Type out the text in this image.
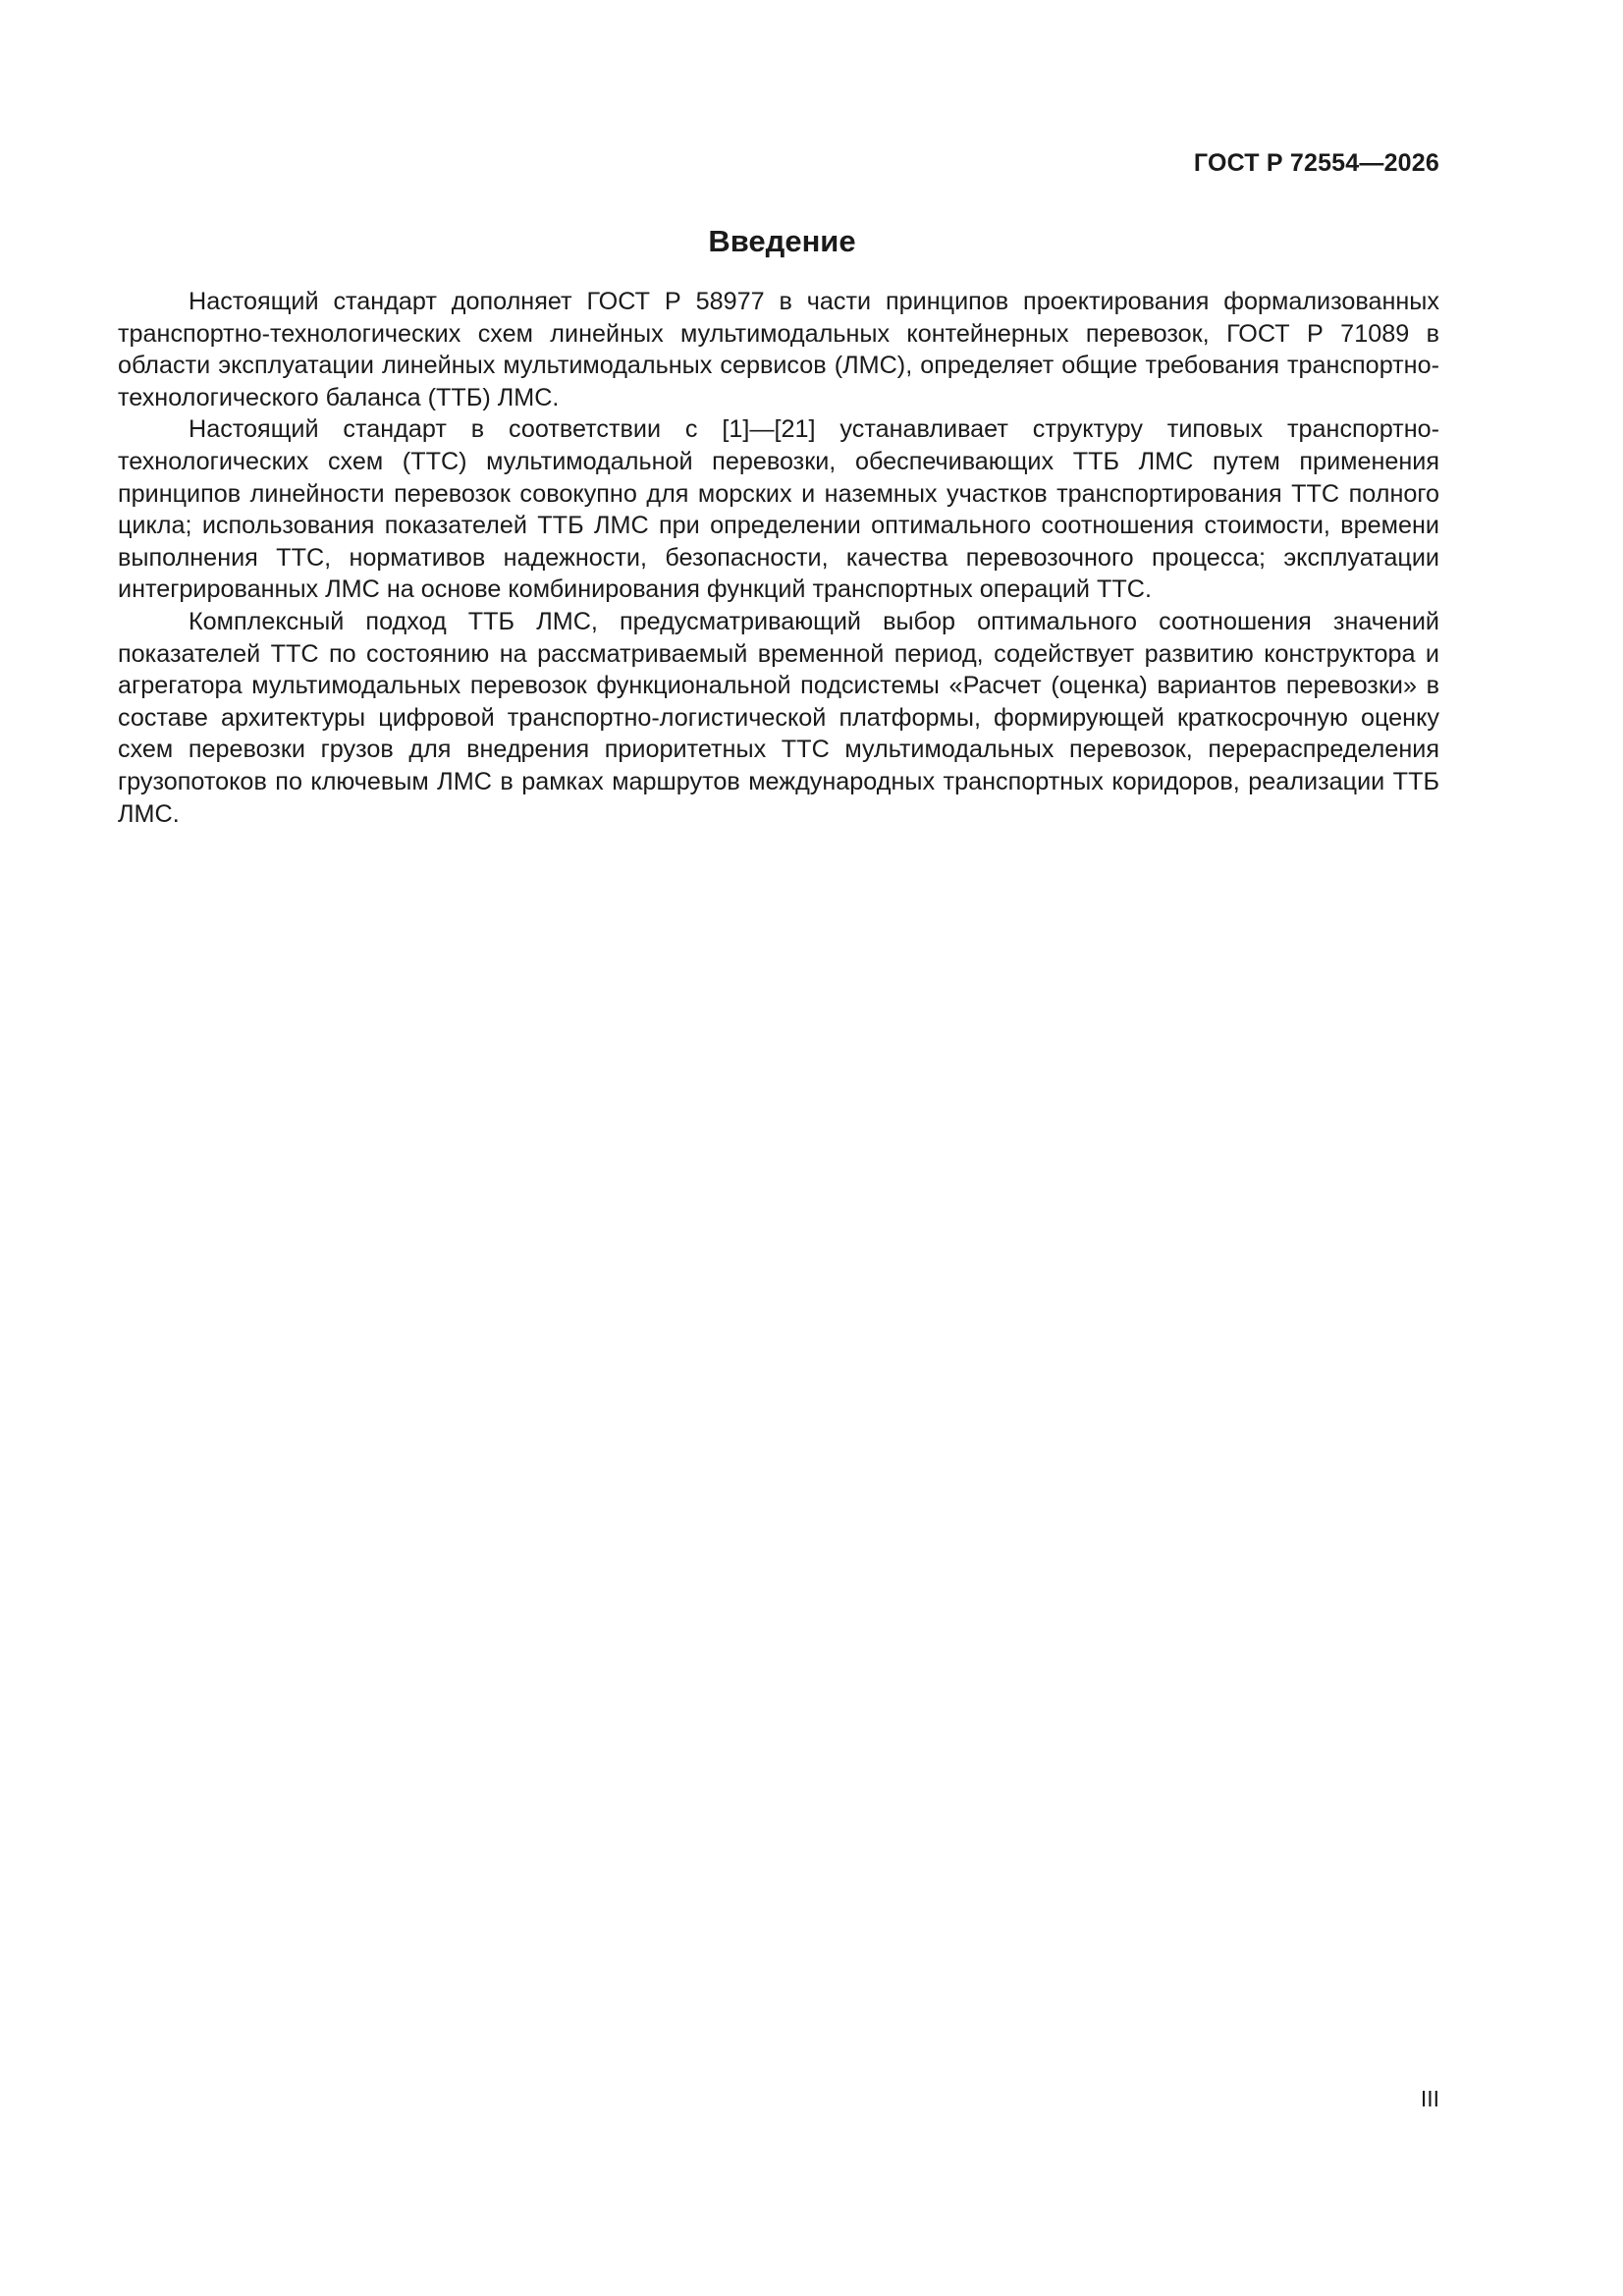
ГОСТ Р 72554—2026
Введение

Настоящий стандарт дополняет ГОСТ Р 58977 в части принципов проектирования формализованных транспортно-технологических схем линейных мультимодальных контейнерных перевозок, ГОСТ Р 71089 в области эксплуатации линейных мультимодальных сервисов (ЛМС), определяет общие требования транспортно-технологического баланса (ТТБ) ЛМС.

Настоящий стандарт в соответствии с [1]—[21] устанавливает структуру типовых транспортнотехнологических схем (ТТС) мультимодальной перевозки, обеспечивающих ТТБ ЛМС путем применения принципов линейности перевозок совокупно для морских и наземных участков транспортирования ТТС полного цикла; использования показателей ТТБ ЛМС при определении оптимального соотношения стоимости, времени выполнения ТТС, нормативов надежности, безопасности, качества перевозочного процесса; эксплуатации интегрированных ЛМС на основе комбинирования функций транспортных операций ТТС.

Комплексный подход ТТБ ЛМС, предусматривающий выбор оптимального соотношения значений показателей ТТС по состоянию на рассматриваемый временной период, содействует развитию конструктора и агрегатора мультимодальных перевозок функциональной подсистемы «Расчет (оценка) вариантов перевозки» в составе архитектуры цифровой транспортно-логистической платформы, формирующей краткосрочную оценку схем перевозки грузов для внедрения приоритетных ТТС мультимодальных перевозок, перераспределения грузопотоков по ключевым ЛМС в рамках маршрутов международных транспортных коридоров, реализации ТТБ ЛМС.

III
